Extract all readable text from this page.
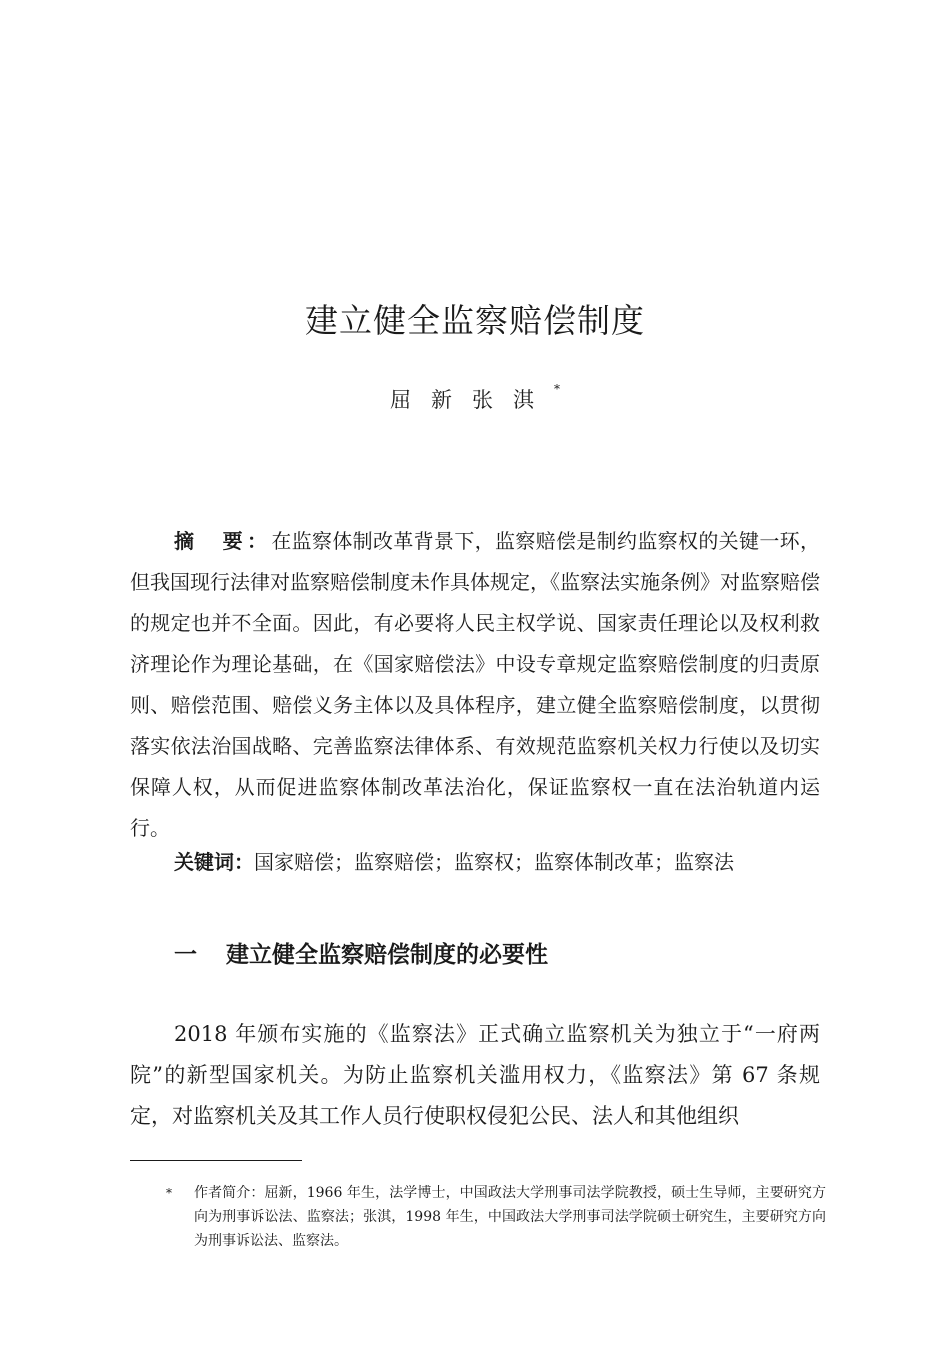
建立健全监察赔偿制度
屈新张淇*

摘　要：在监察体制改革背景下，监察赔偿是制约监察权的关键一环，但我国现行法律对监察赔偿制度未作具体规定，《监察法实施条例》对监察赔偿的规定也并不全面。因此，有必要将人民主权学说、国家责任理论以及权利救济理论作为理论基础，在《国家赔偿法》中设专章规定监察赔偿制度的归责原则、赔偿范围、赔偿义务主体以及具体程序，建立健全监察赔偿制度，以贯彻落实依法治国战略、完善监察法律体系、有效规范监察机关权力行使以及切实保障人权，从而促进监察体制改革法治化，保证监察权一直在法治轨道内运行。

关键词：国家赔偿；监察赔偿；监察权；监察体制改革；监察法

一 建立健全监察赔偿制度的必要性

2018 年颁布实施的《监察法》正式确立监察机关为独立于“一府两院”的新型国家机关。为防止监察机关滥用权力，《监察法》第 67 条规定，对监察机关及其工作人员行使职权侵犯公民、法人和其他组织

* 作者简介：屈新，1966 年生，法学博士，中国政法大学刑事司法学院教授，硕士生导师，主要研究方向为刑事诉讼法、监察法；张淇，1998 年生，中国政法大学刑事司法学院硕士研究生，主要研究方向为刑事诉讼法、监察法。
